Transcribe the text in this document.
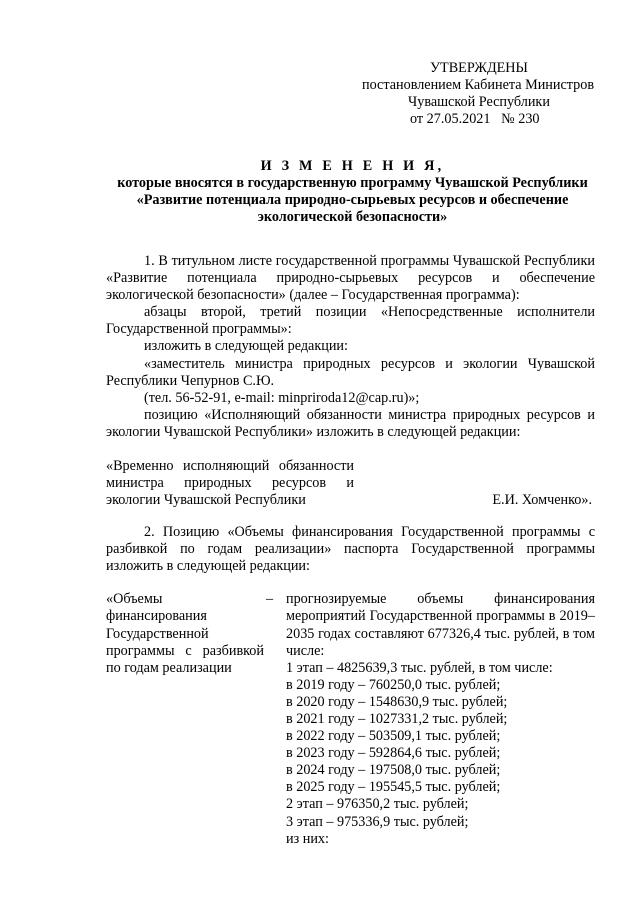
УТВЕРЖДЕНЫ
постановлением Кабинета Министров
Чувашской Республики
от 27.05.2021   № 230
И З М Е Н Е Н И Я,
которые вносятся в государственную программу Чувашской Республики
«Развитие потенциала природно-сырьевых ресурсов и обеспечение
экологической безопасности»

1. В титульном листе государственной программы Чувашской Республики «Развитие потенциала природно-сырьевых ресурсов и обеспечение экологической безопасности» (далее – Государственная программа):

абзацы второй, третий позиции «Непосредственные исполнители Государственной программы»:

изложить в следующей редакции:

«заместитель министра природных ресурсов и экологии Чувашской Республики Чепурнов С.Ю.

(тел. 56-52-91, e-mail: minpriroda12@cap.ru)»;

позицию «Исполняющий обязанности министра природных ресурсов и экологии Чувашской Республики» изложить в следующей редакции:

«Временно исполняющий обязанности министра природных ресурсов и экологии Чувашской Республики	Е.И. Хомченко».

2. Позицию «Объемы финансирования Государственной программы с разбивкой по годам реализации» паспорта Государственной программы изложить в следующей редакции:

«Объемы финансирования Государственной программы с разбивкой по годам реализации
– прогнозируемые объемы финансирования мероприятий Государственной программы в 2019–2035 годах составляют 677326,4 тыс. рублей, в том числе:
1 этап – 4825639,3 тыс. рублей, в том числе:
в 2019 году – 760250,0 тыс. рублей;
в 2020 году – 1548630,9 тыс. рублей;
в 2021 году – 1027331,2 тыс. рублей;
в 2022 году – 503509,1 тыс. рублей;
в 2023 году – 592864,6 тыс. рублей;
в 2024 году – 197508,0 тыс. рублей;
в 2025 году – 195545,5 тыс. рублей;
2 этап – 976350,2 тыс. рублей;
3 этап – 975336,9 тыс. рублей;
из них:
